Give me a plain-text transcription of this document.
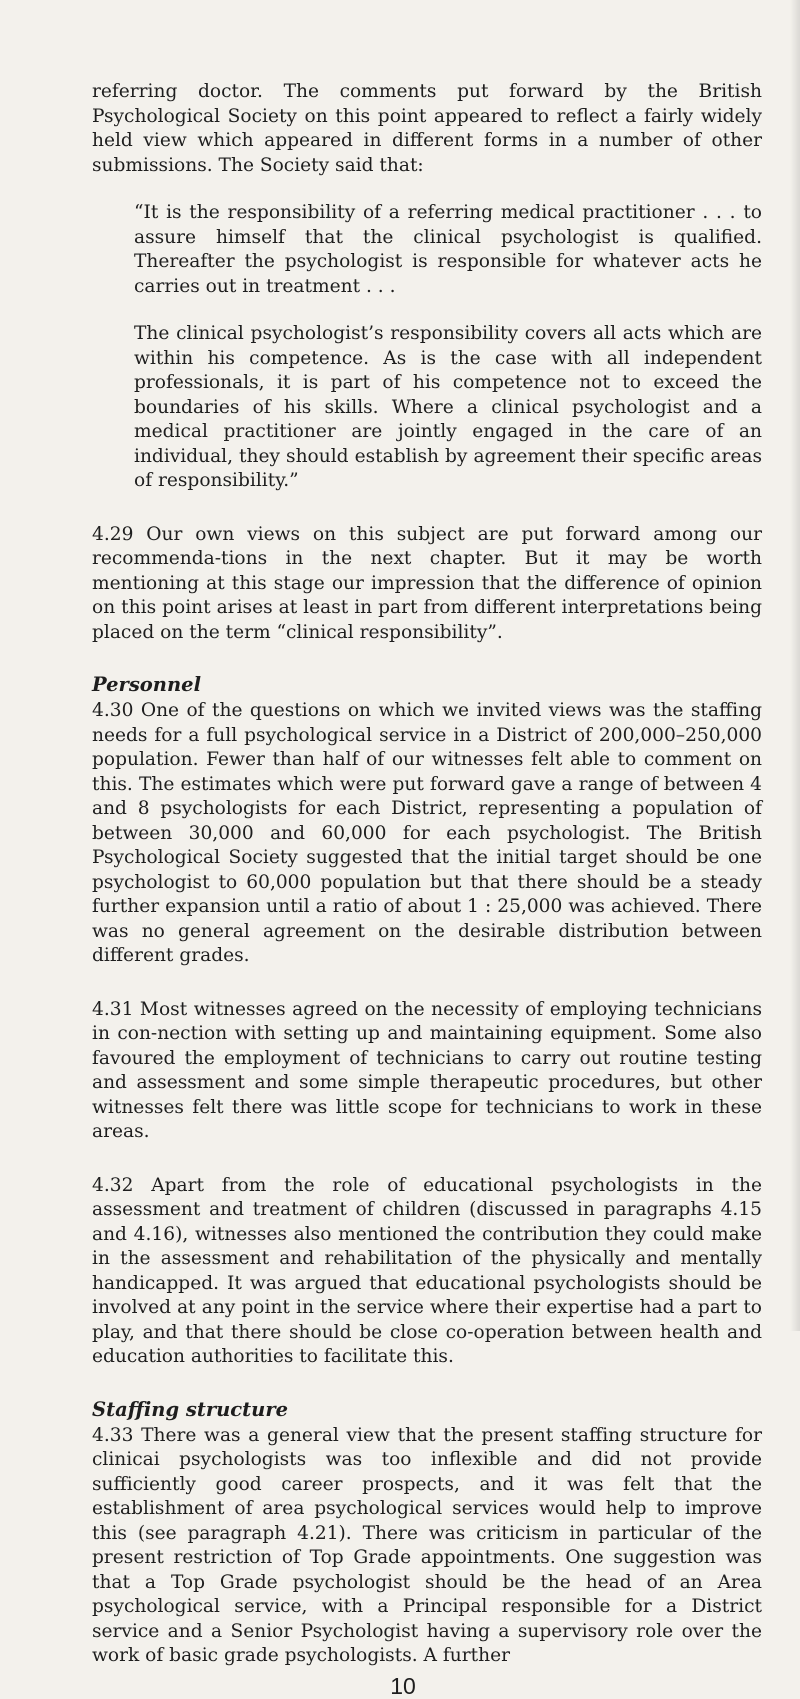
referring doctor. The comments put forward by the British Psychological Society on this point appeared to reflect a fairly widely held view which appeared in different forms in a number of other submissions. The Society said that:

“It is the responsibility of a referring medical practitioner . . . to assure himself that the clinical psychologist is qualified. Thereafter the psychologist is responsible for whatever acts he carries out in treatment . . .

The clinical psychologist’s responsibility covers all acts which are within his competence. As is the case with all independent professionals, it is part of his competence not to exceed the boundaries of his skills. Where a clinical psychologist and a medical practitioner are jointly engaged in the care of an individual, they should establish by agreement their specific areas of responsibility.”

4.29 Our own views on this subject are put forward among our recommenda-tions in the next chapter. But it may be worth mentioning at this stage our impression that the difference of opinion on this point arises at least in part from different interpretations being placed on the term “clinical responsibility”.

Personnel

4.30 One of the questions on which we invited views was the staffing needs for a full psychological service in a District of 200,000–250,000 population. Fewer than half of our witnesses felt able to comment on this. The estimates which were put forward gave a range of between 4 and 8 psychologists for each District, representing a population of between 30,000 and 60,000 for each psychologist. The British Psychological Society suggested that the initial target should be one psychologist to 60,000 population but that there should be a steady further expansion until a ratio of about 1 : 25,000 was achieved. There was no general agreement on the desirable distribution between different grades.

4.31 Most witnesses agreed on the necessity of employing technicians in con-nection with setting up and maintaining equipment. Some also favoured the employment of technicians to carry out routine testing and assessment and some simple therapeutic procedures, but other witnesses felt there was little scope for technicians to work in these areas.

4.32 Apart from the role of educational psychologists in the assessment and treatment of children (discussed in paragraphs 4.15 and 4.16), witnesses also mentioned the contribution they could make in the assessment and rehabilitation of the physically and mentally handicapped. It was argued that educational psychologists should be involved at any point in the service where their expertise had a part to play, and that there should be close co-operation between health and education authorities to facilitate this.

Staffing structure

4.33 There was a general view that the present staffing structure for clinicai psychologists was too inflexible and did not provide sufficiently good career prospects, and it was felt that the establishment of area psychological services would help to improve this (see paragraph 4.21). There was criticism in particular of the present restriction of Top Grade appointments. One suggestion was that a Top Grade psychologist should be the head of an Area psychological service, with a Principal responsible for a District service and a Senior Psychologist having a supervisory role over the work of basic grade psychologists. A further

10
